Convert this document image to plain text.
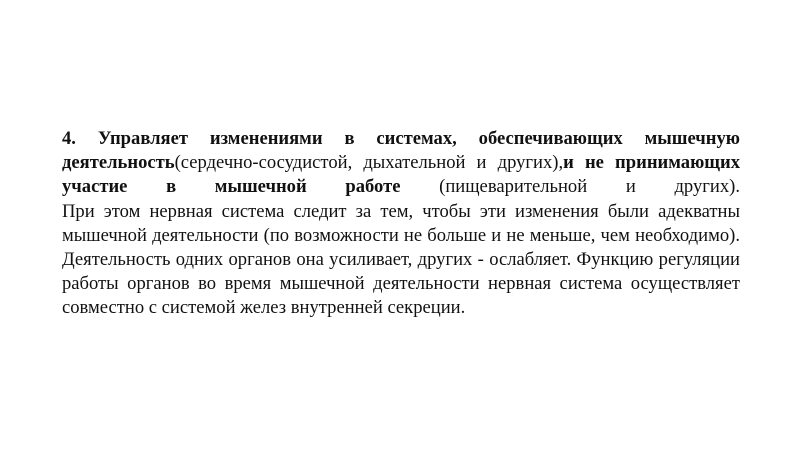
4. Управляет изменениями в системах, обеспечивающих мышечную деятельность(сердечно-сосудистой, дыхательной и других),и не принимающих участие в мышечной работе (пищеварительной и других).

При этом нервная система следит за тем, чтобы эти изменения были адекватны мышечной деятельности (по возможности не больше и не меньше, чем необходимо). Деятельность одних органов она усиливает, других - ослабляет. Функцию регуляции работы органов во время мышечной деятельности нервная система осуществляет совместно с системой желез внутренней секреции.
